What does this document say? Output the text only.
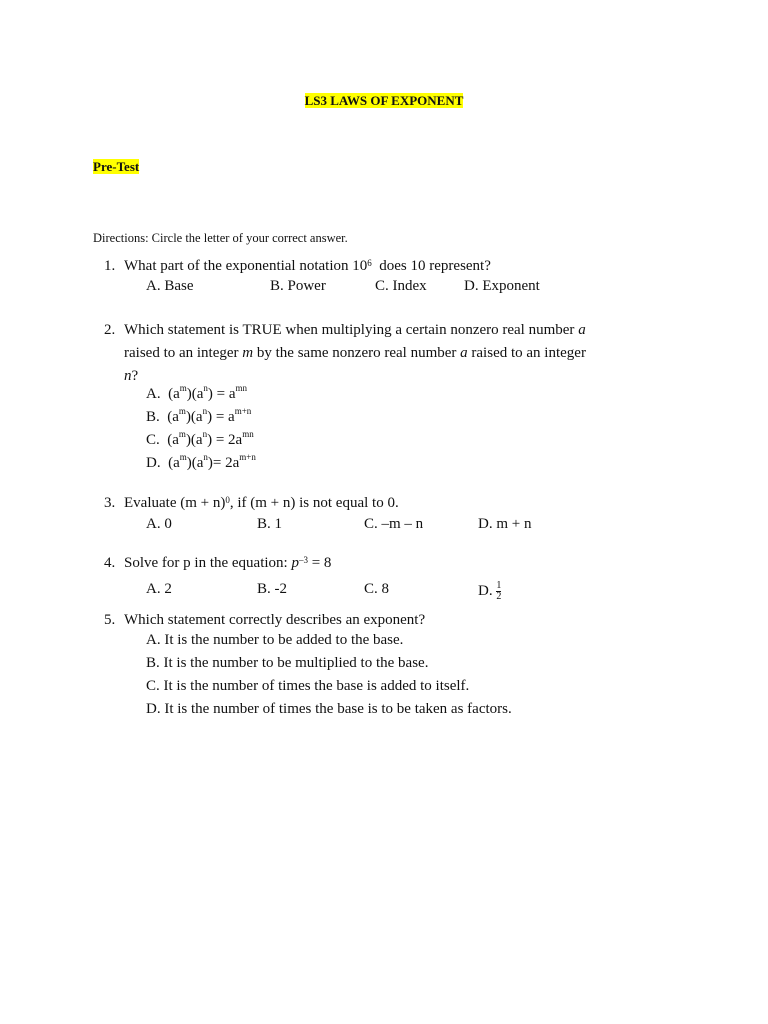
LS3 LAWS OF EXPONENT
Pre-Test
Directions: Circle the letter of your correct answer.
1. What part of the exponential notation $10^6$ does 10 represent?
A. Base	B. Power	C. Index D. Exponent
2. Which statement is TRUE when multiplying a certain nonzero real number a
raised to an integer m by the same nonzero real number a raised to an integer
n?
A. $(a^m)(a^n) = a^{mn}$
B. $(a^m)(a^n) = a^{m+n}$
C. $(a^m)(a^n) = 2a^{mn}$
D. $(a^m)(a^n)= 2a^{m+n}$
3. Evaluate $(m + n)^0$, if (m + n) is not equal to 0.
A. 0	B. 1	C. –m – n	D. m + n
4. Solve for p in the equation: $p^{-3} = 8$
A. 2	B. -2	C. 8	D. $\frac{1}{2}$
5. Which statement correctly describes an exponent?
A. It is the number to be added to the base.
B. It is the number to be multiplied to the base.
C. It is the number of times the base is added to itself.
D. It is the number of times the base is to be taken as factors.
